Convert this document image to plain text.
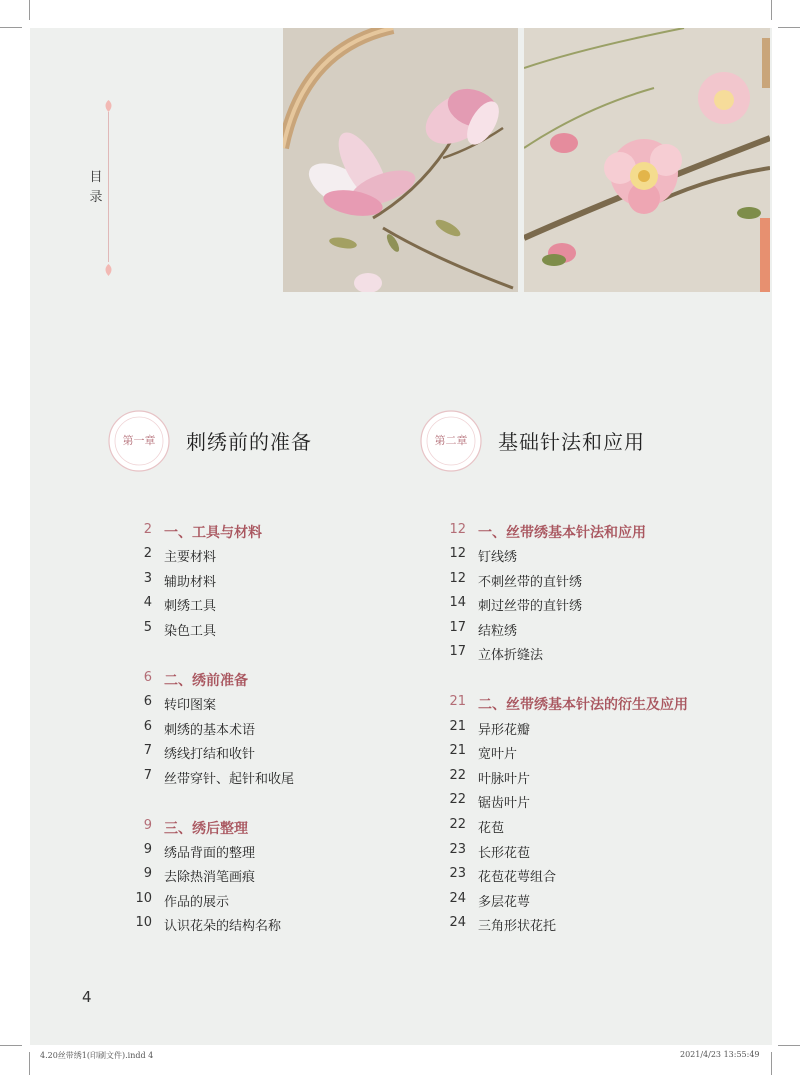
目
录
第一章	刺绣前的准备	第二章	基础针法和应用
2 一、工具与材料
2 主要材料
3 辅助材料
4 刺绣工具
5 染色工具
6 二、绣前准备
6 转印图案
6 刺绣的基本术语
7 绣线打结和收针
7 丝带穿针、起针和收尾
9 三、绣后整理
9 绣品背面的整理
9 去除热消笔画痕
10 作品的展示
10 认识花朵的结构名称
12 一、丝带绣基本针法和应用
12 钉线绣
12 不刺丝带的直针绣
14 刺过丝带的直针绣
17 结粒绣
17 立体折缝法
21 二、丝带绣基本针法的衍生及应用
21 异形花瓣
21 宽叶片
22 叶脉叶片
22 锯齿叶片
22 花苞
23 长形花苞
23 花苞花萼组合
24 多层花萼
24 三角形状花托
4
4.20丝带绣1(印刷文件).indd 4	2021/4/23 13:55:49
